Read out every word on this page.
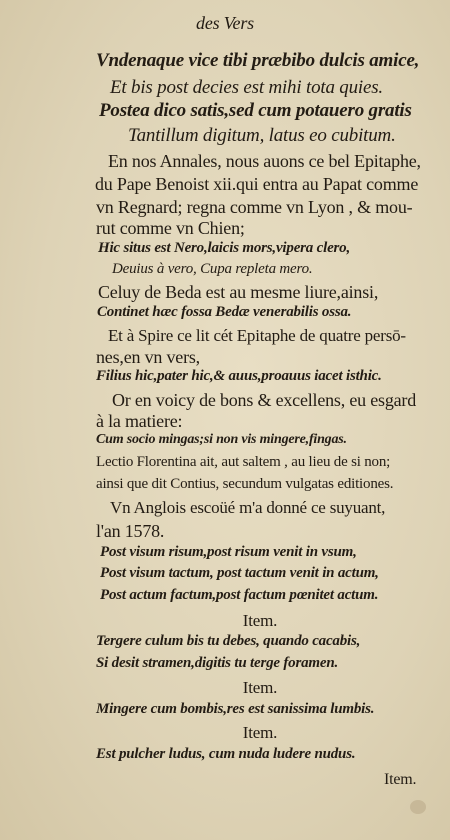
des Vers
Vndenaque vice tibi præbibo dulcis amice,
Et bis post decies est mihi tota quies.
Postea dico satis,sed cum potauero gratis
Tantillum digitum, latus eo cubitum.
En nos Annales, nous auons ce bel Epitaphe,
du Pape Benoist xii.qui entra au Papat comme
vn Regnard; regna comme vn Lyon , & mou-
rut comme vn Chien;
Hic situs est Nero,laicis mors,vipera clero,
Deuius à vero, Cupa repleta mero.
Celuy de Beda est au mesme liure,ainsi,
Continet hæc fossa Bedæ venerabilis ossa.
Et à Spire ce lit cét Epitaphe de quatre persō-
nes,en vn vers,
Filius hic,pater hic,& auus,proauus iacet isthic.
Or en voicy de bons & excellens, eu esgard
à la matiere:
Cum socio mingas;si non vis mingere,fingas.
Lectio Florentina ait, aut saltem , au lieu de si non;
ainsi que dit Contius, secundum vulgatas editiones.
Vn Anglois escoüé m'a donné ce suyuant,
l'an 1578.
Post visum risum,post risum venit in vsum,
Post visum tactum, post tactum venit in actum,
Post actum factum,post factum pœnitet actum.
Item.
Tergere culum bis tu debes, quando cacabis,
Si desit stramen,digitis tu terge foramen.
Item.
Mingere cum bombis,res est sanissima lumbis.
Item.
Est pulcher ludus, cum nuda ludere nudus.
Item.
